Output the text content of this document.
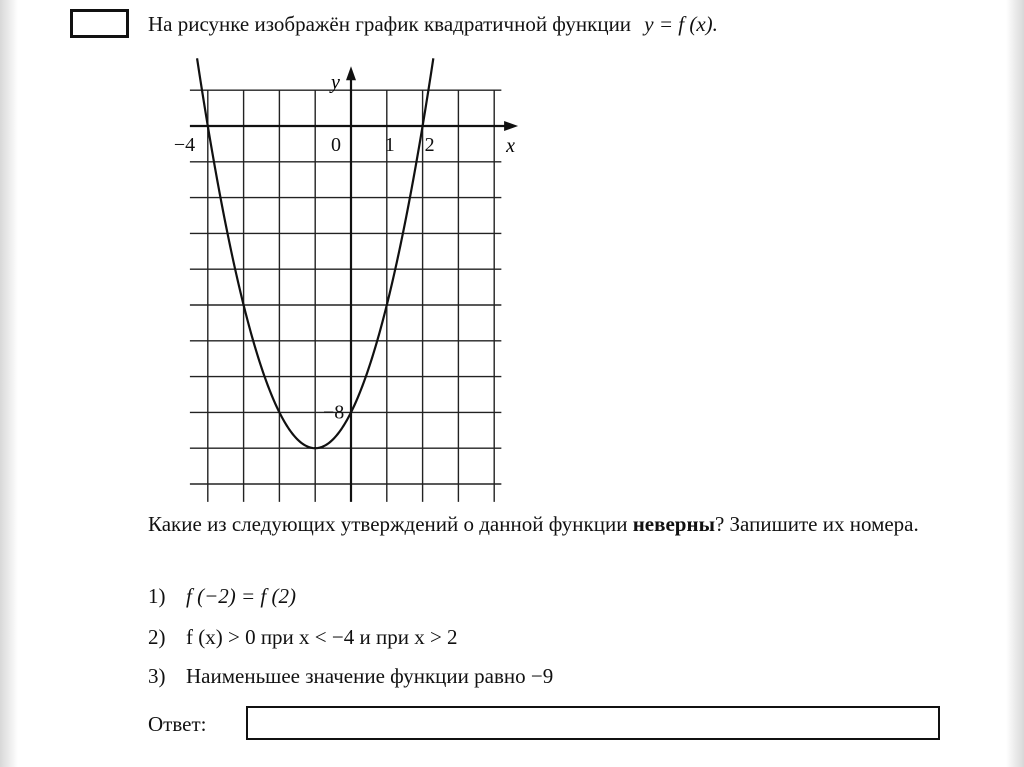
На рисунке изображён график квадратичной функции y = f (x).
x
y
−4	0 1 2
−8
Какие из следующих утверждений о данной функции неверны? Запишите их номера.
1) f (−2) = f (2)
2) f (x) > 0 при x < −4 и при x > 2
3) Наименьшее значение функции равно −9
Ответ:
